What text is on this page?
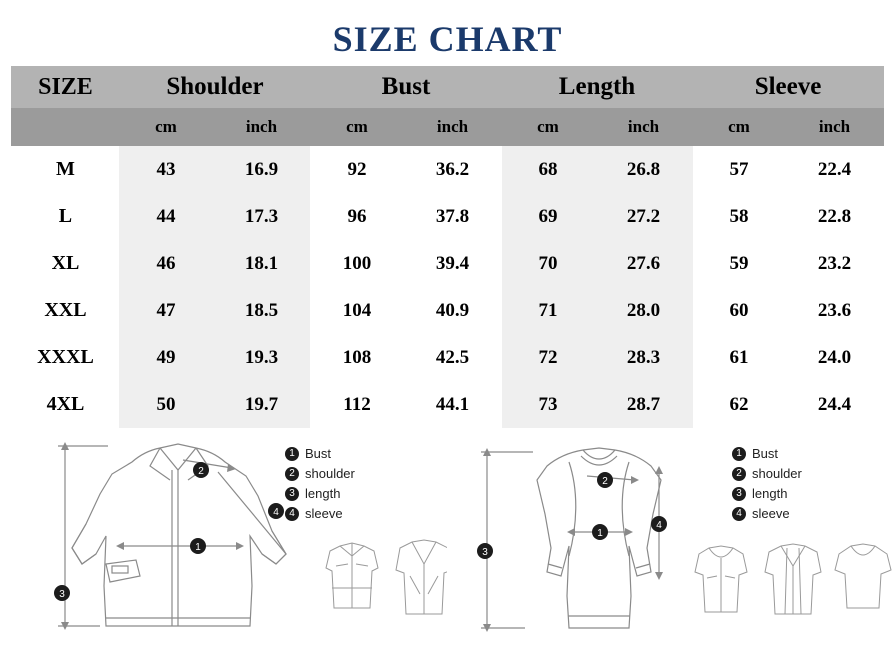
SIZE CHART
SIZE	Shoulder		Bust		Length		Sleeve	
	cm	inch	cm	inch	cm	inch	cm	inch
M	43	16.9	92	36.2	68	26.8	57	22.4
L	44	17.3	96	37.8	69	27.2	58	22.8
XL	46	18.1	100	39.4	70	27.6	59	23.2
XXL	47	18.5	104	40.9	71	28.0	60	23.6
XXXL	49	19.3	108	42.5	72	28.3	61	24.0
4XL	50	19.7	112	44.1	73	28.7	62	24.4
3
1
2
4
1 Bust
2 shoulder
3 length
4 sleeve
3
1
2
4
1 Bust
2 shoulder
3 length
4 sleeve
